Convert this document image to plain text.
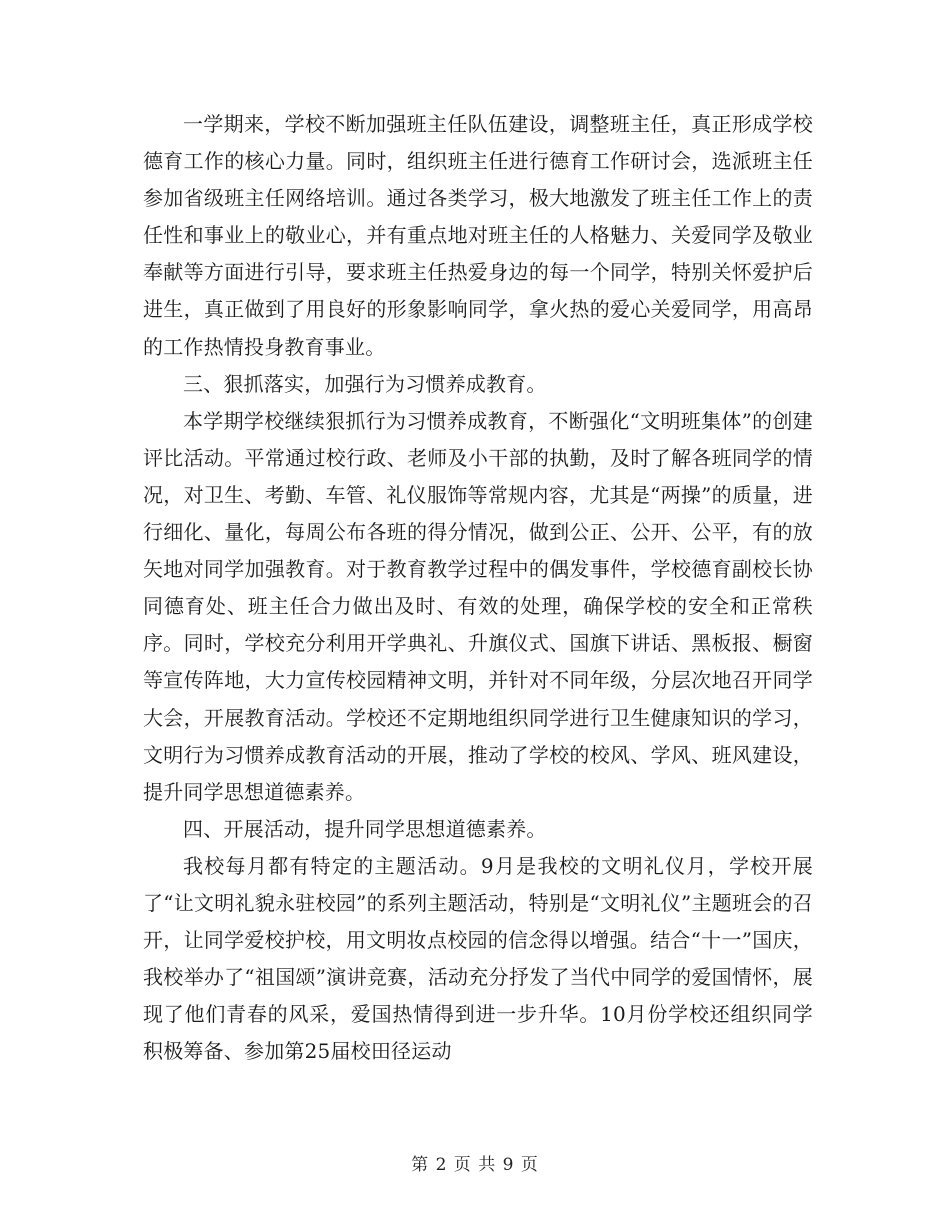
一学期来，学校不断加强班主任队伍建设，调整班主任，真正形成学校德育工作的核心力量。同时，组织班主任进行德育工作研讨会，选派班主任参加省级班主任网络培训。通过各类学习，极大地激发了班主任工作上的责任性和事业上的敬业心，并有重点地对班主任的人格魅力、关爱同学及敬业奉献等方面进行引导，要求班主任热爱身边的每一个同学，特别关怀爱护后进生，真正做到了用良好的形象影响同学，拿火热的爱心关爱同学，用高昂的工作热情投身教育事业。

三、狠抓落实，加强行为习惯养成教育。

本学期学校继续狠抓行为习惯养成教育，不断强化“文明班集体”的创建评比活动。平常通过校行政、老师及小干部的执勤，及时了解各班同学的情况，对卫生、考勤、车管、礼仪服饰等常规内容，尤其是“两操”的质量，进行细化、量化，每周公布各班的得分情况，做到公正、公开、公平，有的放矢地对同学加强教育。对于教育教学过程中的偶发事件，学校德育副校长协同德育处、班主任合力做出及时、有效的处理，确保学校的安全和正常秩序。同时，学校充分利用开学典礼、升旗仪式、国旗下讲话、黑板报、橱窗等宣传阵地，大力宣传校园精神文明，并针对不同年级，分层次地召开同学大会，开展教育活动。学校还不定期地组织同学进行卫生健康知识的学习，文明行为习惯养成教育活动的开展，推动了学校的校风、学风、班风建设，提升同学思想道德素养。

四、开展活动，提升同学思想道德素养。

我校每月都有特定的主题活动。9月是我校的文明礼仪月，学校开展了“让文明礼貌永驻校园”的系列主题活动，特别是“文明礼仪”主题班会的召开，让同学爱校护校，用文明妆点校园的信念得以增强。结合“十一”国庆，我校举办了“祖国颂”演讲竞赛，活动充分抒发了当代中同学的爱国情怀，展现了他们青春的风采，爱国热情得到进一步升华。10月份学校还组织同学积极筹备、参加第25届校田径运动

第 2 页 共 9 页
